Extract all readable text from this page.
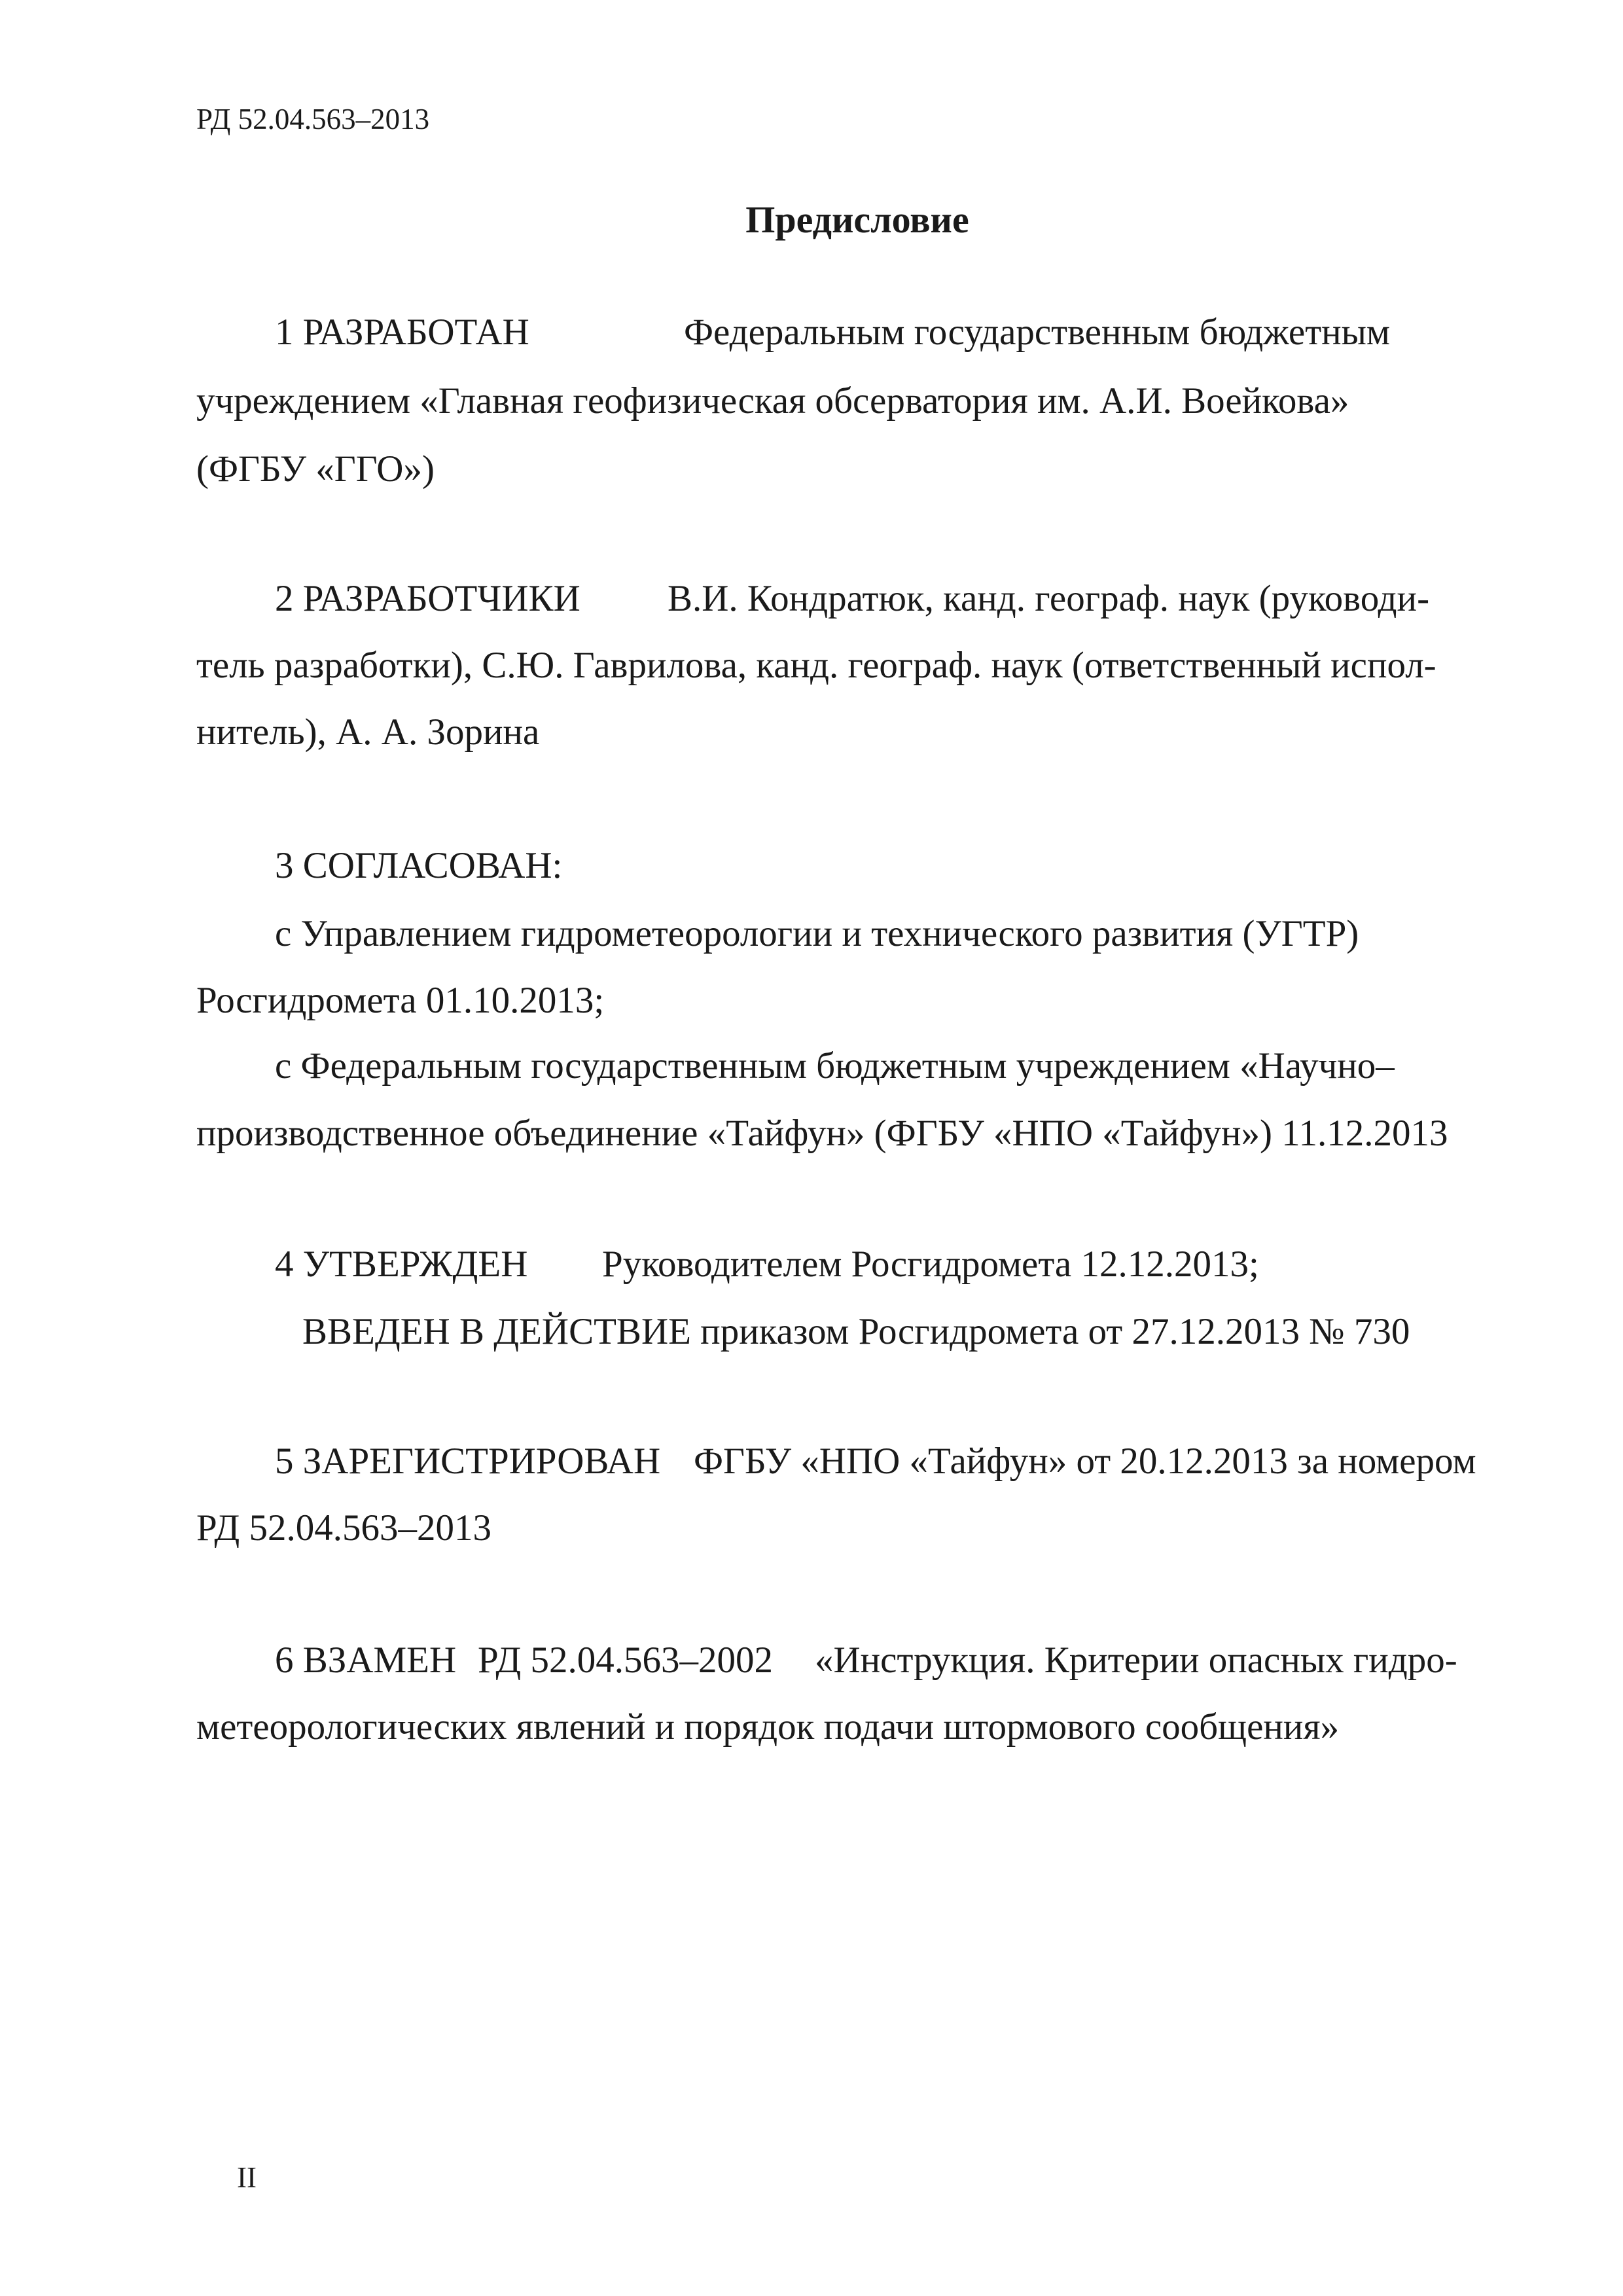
РД 52.04.563–2013
Предисловие
1 РАЗРАБОТАН	Федеральным государственным бюджетным
учреждением «Главная геофизическая обсерватория им. А.И. Воейкова»
(ФГБУ «ГГО»)
2 РАЗРАБОТЧИКИ В.И. Кондратюк, канд. географ. наук (руководи-
тель разработки), С.Ю. Гаврилова, канд. географ. наук (ответственный испол-
нитель), А. А. Зорина
3 СОГЛАСОВАН:
с Управлением гидрометеорологии и технического развития (УГТР)
Росгидромета 01.10.2013;
с Федеральным государственным бюджетным учреждением «Научно–
производственное объединение «Тайфун» (ФГБУ «НПО «Тайфун») 11.12.2013
4 УТВЕРЖДЕН Руководителем Росгидромета 12.12.2013;
ВВЕДЕН В ДЕЙСТВИЕ приказом Росгидромета от 27.12.2013 № 730
5 ЗАРЕГИСТРИРОВАН ФГБУ «НПО «Тайфун» от 20.12.2013 за номером
РД 52.04.563–2013
6 ВЗАМЕН РД 52.04.563–2002 «Инструкция. Критерии опасных гидро-
метеорологических явлений и порядок подачи штормового сообщения»
II
